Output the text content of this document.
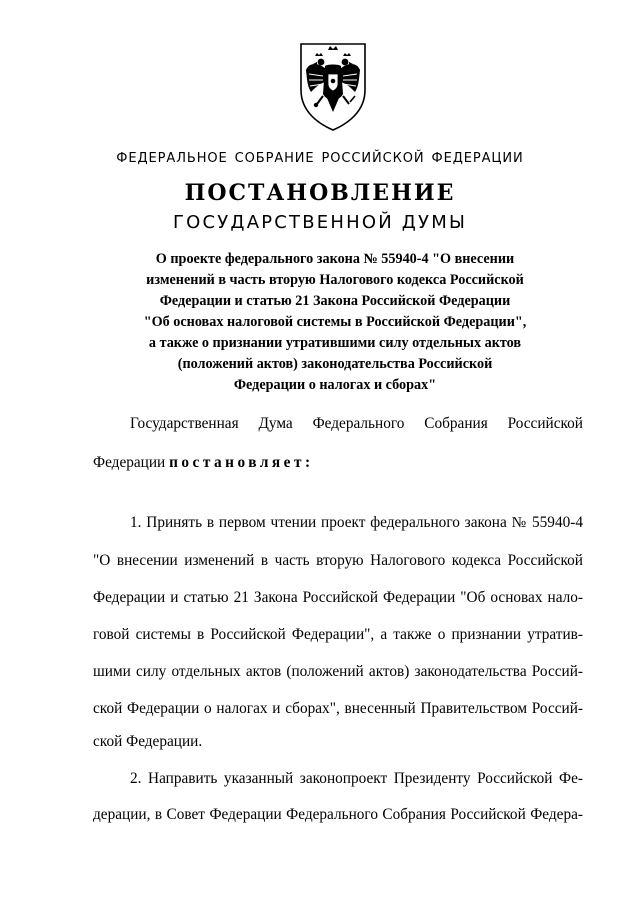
ФЕДЕРАЛЬНОЕ СОБРАНИЕ РОССИЙСКОЙ ФЕДЕРАЦИИ
ПОСТАНОВЛЕНИЕ
ГОСУДАРСТВЕННОЙ ДУМЫ
О проекте федерального закона № 55940-4 "О внесении
изменений в часть вторую Налогового кодекса Российской
Федерации и статью 21 Закона Российской Федерации
"Об основах налоговой системы в Российской Федерации",
а также о признании утратившими силу отдельных актов
(положений актов) законодательства Российской
Федерации о налогах и сборах"
Государственная Дума Федерального Собрания Российской
Федерации постановляет:
1. Принять в первом чтении проект федерального закона № 55940-4
"О внесении изменений в часть вторую Налогового кодекса Российской
Федерации и статью 21 Закона Российской Федерации "Об основах нало-
говой системы в Российской Федерации", а также о признании утратив-
шими силу отдельных актов (положений актов) законодательства Россий-
ской Федерации о налогах и сборах", внесенный Правительством Россий-
ской Федерации.
2. Направить указанный законопроект Президенту Российской Фе-
дерации, в Совет Федерации Федерального Собрания Российской Федера-
